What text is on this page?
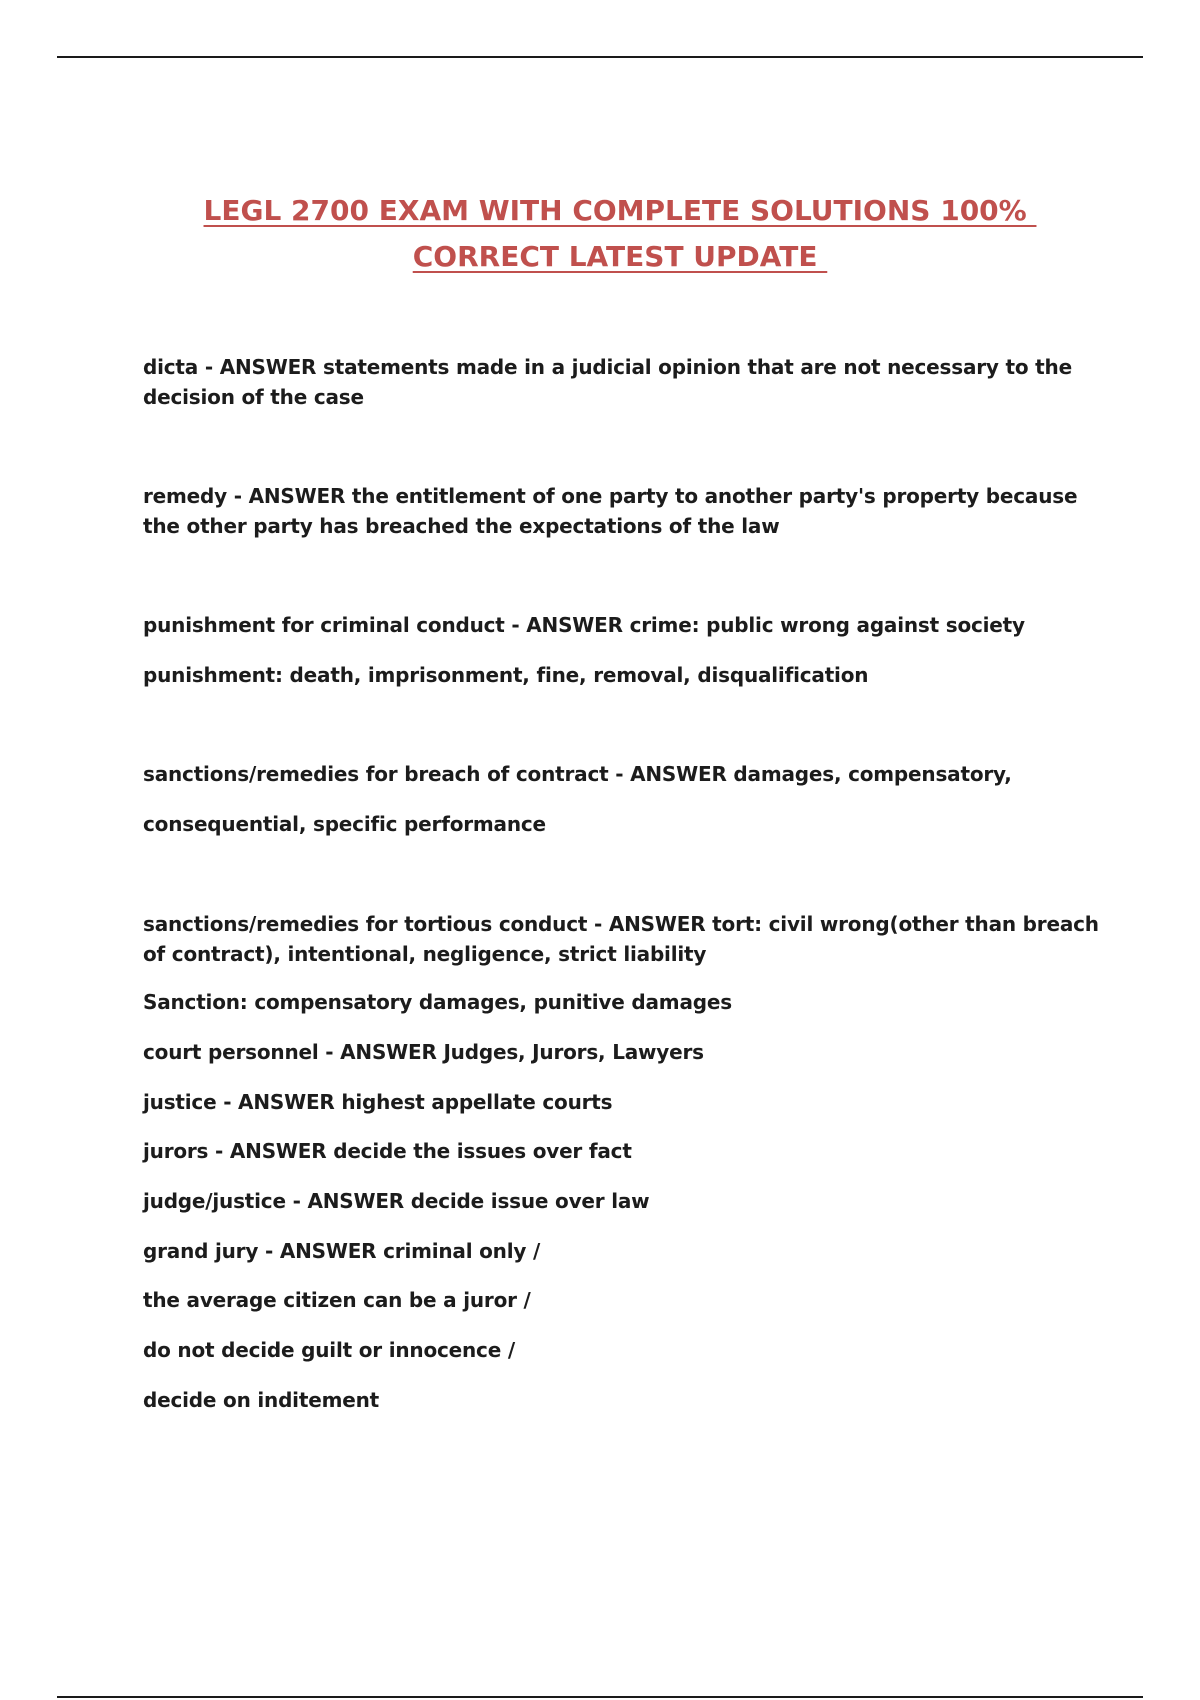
LEGL 2700 EXAM WITH COMPLETE SOLUTIONS 100%
CORRECT LATEST UPDATE

dicta - ANSWER statements made in a judicial opinion that are not necessary to the decision of the case

remedy - ANSWER the entitlement of one party to another party's property because the other party has breached the expectations of the law

punishment for criminal conduct - ANSWER crime: public wrong against society

punishment: death, imprisonment, fine, removal, disqualification

sanctions/remedies for breach of contract - ANSWER damages, compensatory,

consequential, specific performance

sanctions/remedies for tortious conduct - ANSWER tort: civil wrong(other than breach of contract), intentional, negligence, strict liability

Sanction: compensatory damages, punitive damages

court personnel - ANSWER Judges, Jurors, Lawyers

justice - ANSWER highest appellate courts

jurors - ANSWER decide the issues over fact

judge/justice - ANSWER decide issue over law

grand jury - ANSWER criminal only /

the average citizen can be a juror /

do not decide guilt or innocence /

decide on inditement
